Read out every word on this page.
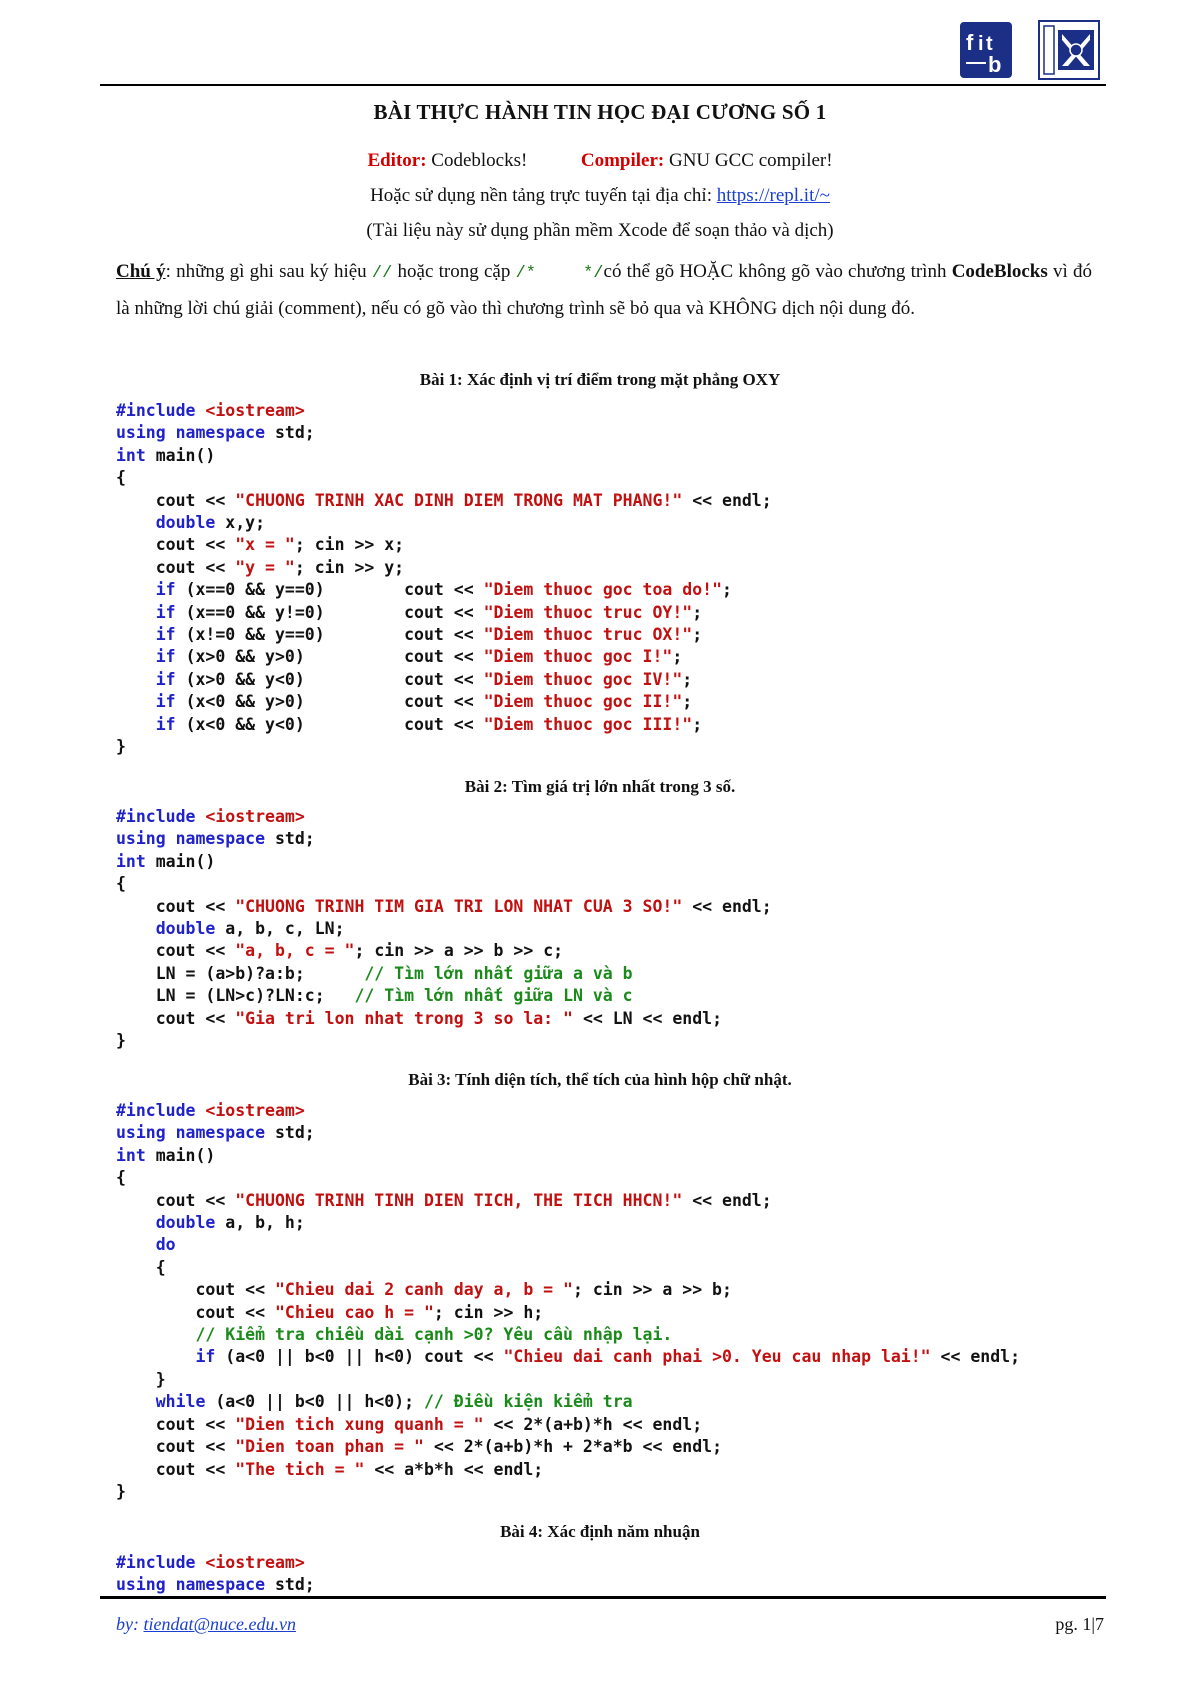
f i t
b
BÀI THỰC HÀNH TIN HỌC ĐẠI CƯƠNG SỐ 1
Editor: Codeblocks!	Compiler: GNU GCC compiler!
Hoặc sử dụng nền tảng trực tuyến tại địa chỉ: https://repl.it/~
(Tài liệu này sử dụng phần mềm Xcode để soạn thảo và dịch)
Chú ý: những gì ghi sau ký hiệu // hoặc trong cặp /*	*/có thể gõ HOẶC không gõ vào chương trình CodeBlocks vì đó là những lời chú giải (comment), nếu có gõ vào thì chương trình sẽ bỏ qua và KHÔNG dịch nội dung đó.
Bài 1: Xác định vị trí điểm trong mặt phẳng OXY
#include <iostream>
using namespace std;
int main()
{
cout << "CHUONG TRINH XAC DINH DIEM TRONG MAT PHANG!" << endl;
double x,y;
cout << "x = "; cin >> x;
cout << "y = "; cin >> y;
if (x==0 && y==0)	cout << "Diem thuoc goc toa do!";
if (x==0 && y!=0)	cout << "Diem thuoc truc OY!";
if (x!=0 && y==0)	cout << "Diem thuoc truc OX!";
if (x>0 && y>0)	cout << "Diem thuoc goc I!";
if (x>0 && y<0)	cout << "Diem thuoc goc IV!";
if (x<0 && y>0)	cout << "Diem thuoc goc II!";
if (x<0 && y<0)	cout << "Diem thuoc goc III!";
}
Bài 2: Tìm giá trị lớn nhất trong 3 số.
#include <iostream>
using namespace std;
int main()
{
cout << "CHUONG TRINH TIM GIA TRI LON NHAT CUA 3 SO!" << endl;
double a, b, c, LN;
cout << "a, b, c = "; cin >> a >> b >> c;
LN = (a>b)?a:b;	// Tìm lớn nhất giữa a và b
LN = (LN>c)?LN:c; // Tìm lớn nhất giữa LN và c
cout << "Gia tri lon nhat trong 3 so la: " << LN << endl;
}
Bài 3: Tính diện tích, thể tích của hình hộp chữ nhật.
#include <iostream>
using namespace std;
int main()
{
cout << "CHUONG TRINH TINH DIEN TICH, THE TICH HHCN!" << endl;
double a, b, h;
do
{
cout << "Chieu dai 2 canh day a, b = "; cin >> a >> b;
cout << "Chieu cao h = "; cin >> h;
// Kiểm tra chiều dài cạnh >0? Yêu cầu nhập lại.
if (a<0 || b<0 || h<0) cout << "Chieu dai canh phai >0. Yeu cau nhap lai!" << endl;
}
while (a<0 || b<0 || h<0); // Điều kiện kiểm tra
cout << "Dien tich xung quanh = " << 2*(a+b)*h << endl;
cout << "Dien toan phan = " << 2*(a+b)*h + 2*a*b << endl;
cout << "The tich = " << a*b*h << endl;
}
Bài 4: Xác định năm nhuận
#include <iostream>
using namespace std;
by: tiendat@nuce.edu.vn	pg. 1|7
